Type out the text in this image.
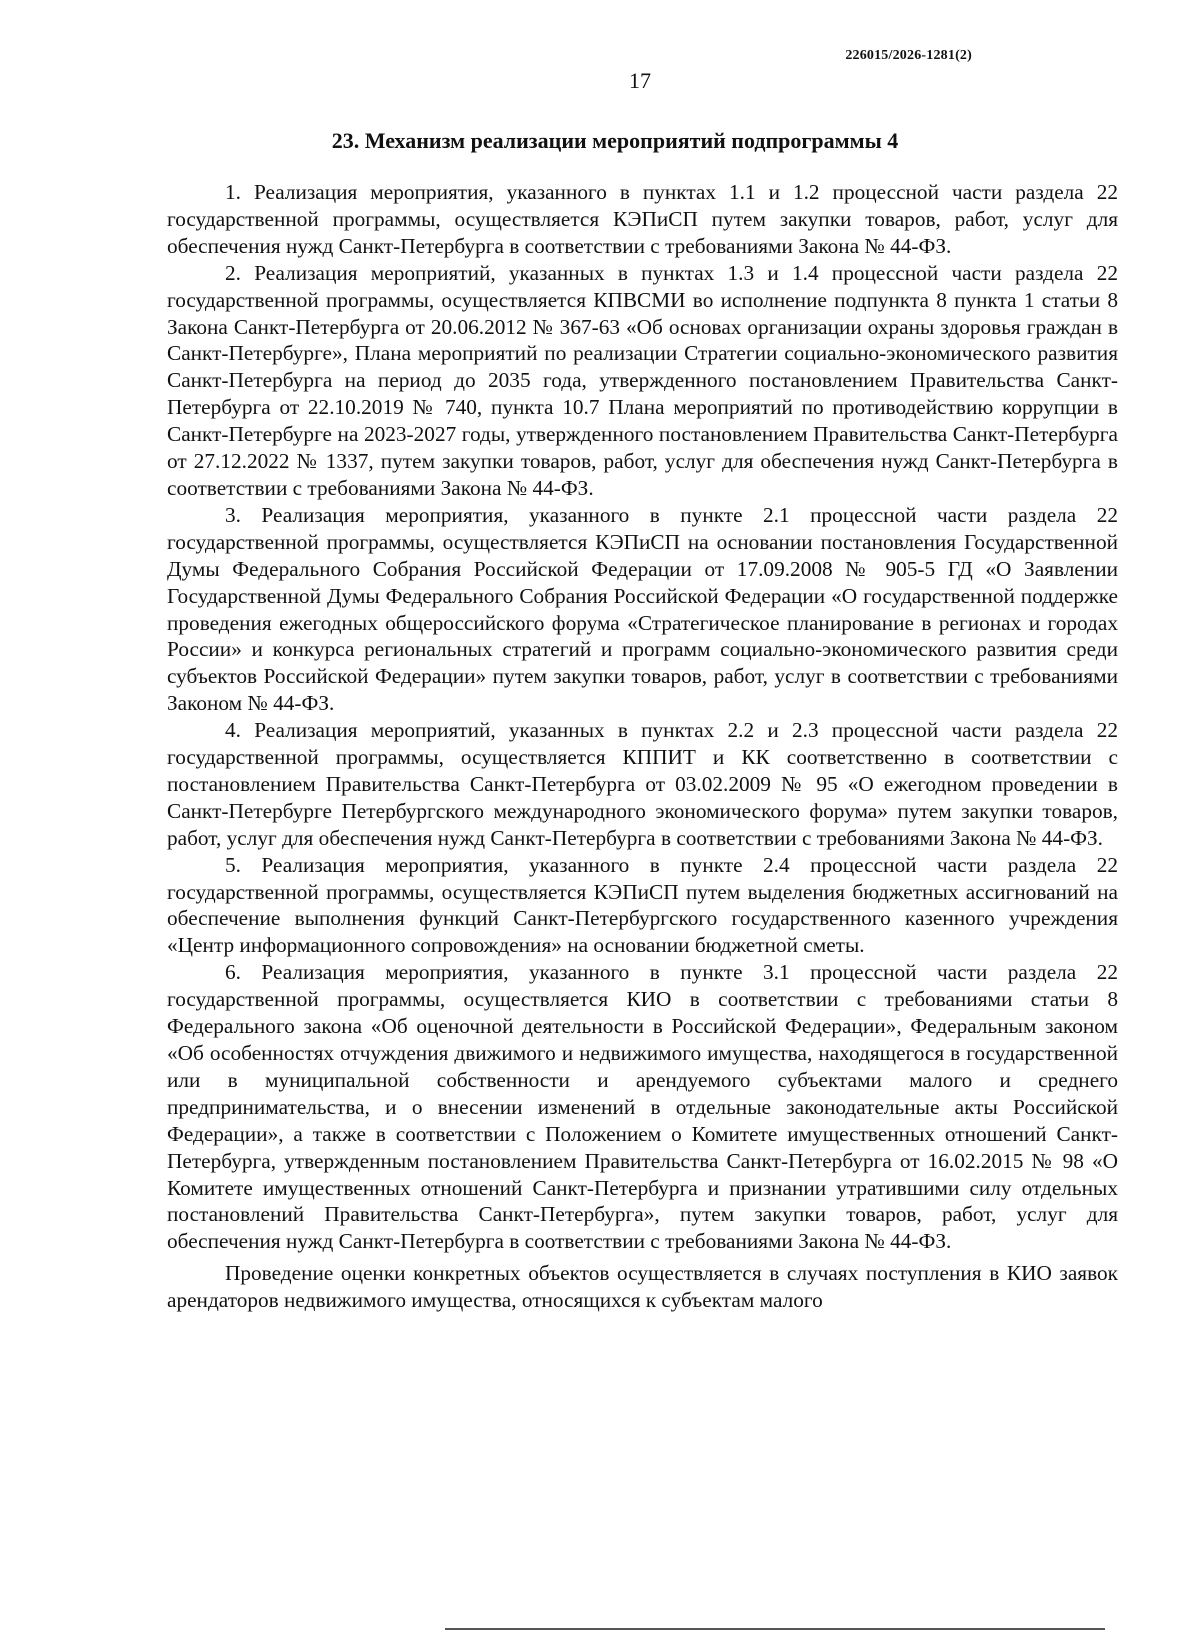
226015/2026-1281(2)
17
23. Механизм реализации мероприятий подпрограммы 4

1. Реализация мероприятия, указанного в пунктах 1.1 и 1.2 процессной части раздела 22 государственной программы, осуществляется КЭПиСП путем закупки товаров, работ, услуг для обеспечения нужд Санкт-Петербурга в соответствии с требованиями Закона № 44-ФЗ.

2. Реализация мероприятий, указанных в пунктах 1.3 и 1.4 процессной части раздела 22 государственной программы, осуществляется КПВСМИ во исполнение подпункта 8 пункта 1 статьи 8 Закона Санкт-Петербурга от 20.06.2012 № 367-63 «Об основах организации охраны здоровья граждан в Санкт-Петербурге», Плана мероприятий по реализации Стратегии социально-экономического развития Санкт-Петербурга на период до 2035 года, утвержденного постановлением Правительства Санкт-Петербурга от 22.10.2019 № 740, пункта 10.7 Плана мероприятий по противодействию коррупции в Санкт-Петербурге на 2023-2027 годы, утвержденного постановлением Правительства Санкт-Петербурга от 27.12.2022 № 1337, путем закупки товаров, работ, услуг для обеспечения нужд Санкт-Петербурга в соответствии с требованиями Закона № 44-ФЗ.

3. Реализация мероприятия, указанного в пункте 2.1 процессной части раздела 22 государственной программы, осуществляется КЭПиСП на основании постановления Государственной Думы Федерального Собрания Российской Федерации от 17.09.2008 № 905-5 ГД «О Заявлении Государственной Думы Федерального Собрания Российской Федерации «О государственной поддержке проведения ежегодных общероссийского форума «Стратегическое планирование в регионах и городах России» и конкурса региональных стратегий и программ социально-экономического развития среди субъектов Российской Федерации» путем закупки товаров, работ, услуг в соответствии с требованиями Законом № 44-ФЗ.

4. Реализация мероприятий, указанных в пунктах 2.2 и 2.3 процессной части раздела 22 государственной программы, осуществляется КППИТ и КК соответственно в соответствии с постановлением Правительства Санкт-Петербурга от 03.02.2009 № 95 «О ежегодном проведении в Санкт-Петербурге Петербургского международного экономического форума» путем закупки товаров, работ, услуг для обеспечения нужд Санкт-Петербурга в соответствии с требованиями Закона № 44-ФЗ.

5. Реализация мероприятия, указанного в пункте 2.4 процессной части раздела 22 государственной программы, осуществляется КЭПиСП путем выделения бюджетных ассигнований на обеспечение выполнения функций Санкт-Петербургского государственного казенного учреждения «Центр информационного сопровождения» на основании бюджетной сметы.

6. Реализация мероприятия, указанного в пункте 3.1 процессной части раздела 22 государственной программы, осуществляется КИО в соответствии с требованиями статьи 8 Федерального закона «Об оценочной деятельности в Российской Федерации», Федеральным законом «Об особенностях отчуждения движимого и недвижимого имущества, находящегося в государственной или в муниципальной собственности и арендуемого субъектами малого и среднего предпринимательства, и о внесении изменений в отдельные законодательные акты Российской Федерации», а также в соответствии с Положением о Комитете имущественных отношений Санкт-Петербурга, утвержденным постановлением Правительства Санкт-Петербурга от 16.02.2015 № 98 «О Комитете имущественных отношений Санкт-Петербурга и признании утратившими силу отдельных постановлений Правительства Санкт-Петербурга», путем закупки товаров, работ, услуг для обеспечения нужд Санкт-Петербурга в соответствии с требованиями Закона № 44-ФЗ.

Проведение оценки конкретных объектов осуществляется в случаях поступления в КИО заявок арендаторов недвижимого имущества, относящихся к субъектам малого
